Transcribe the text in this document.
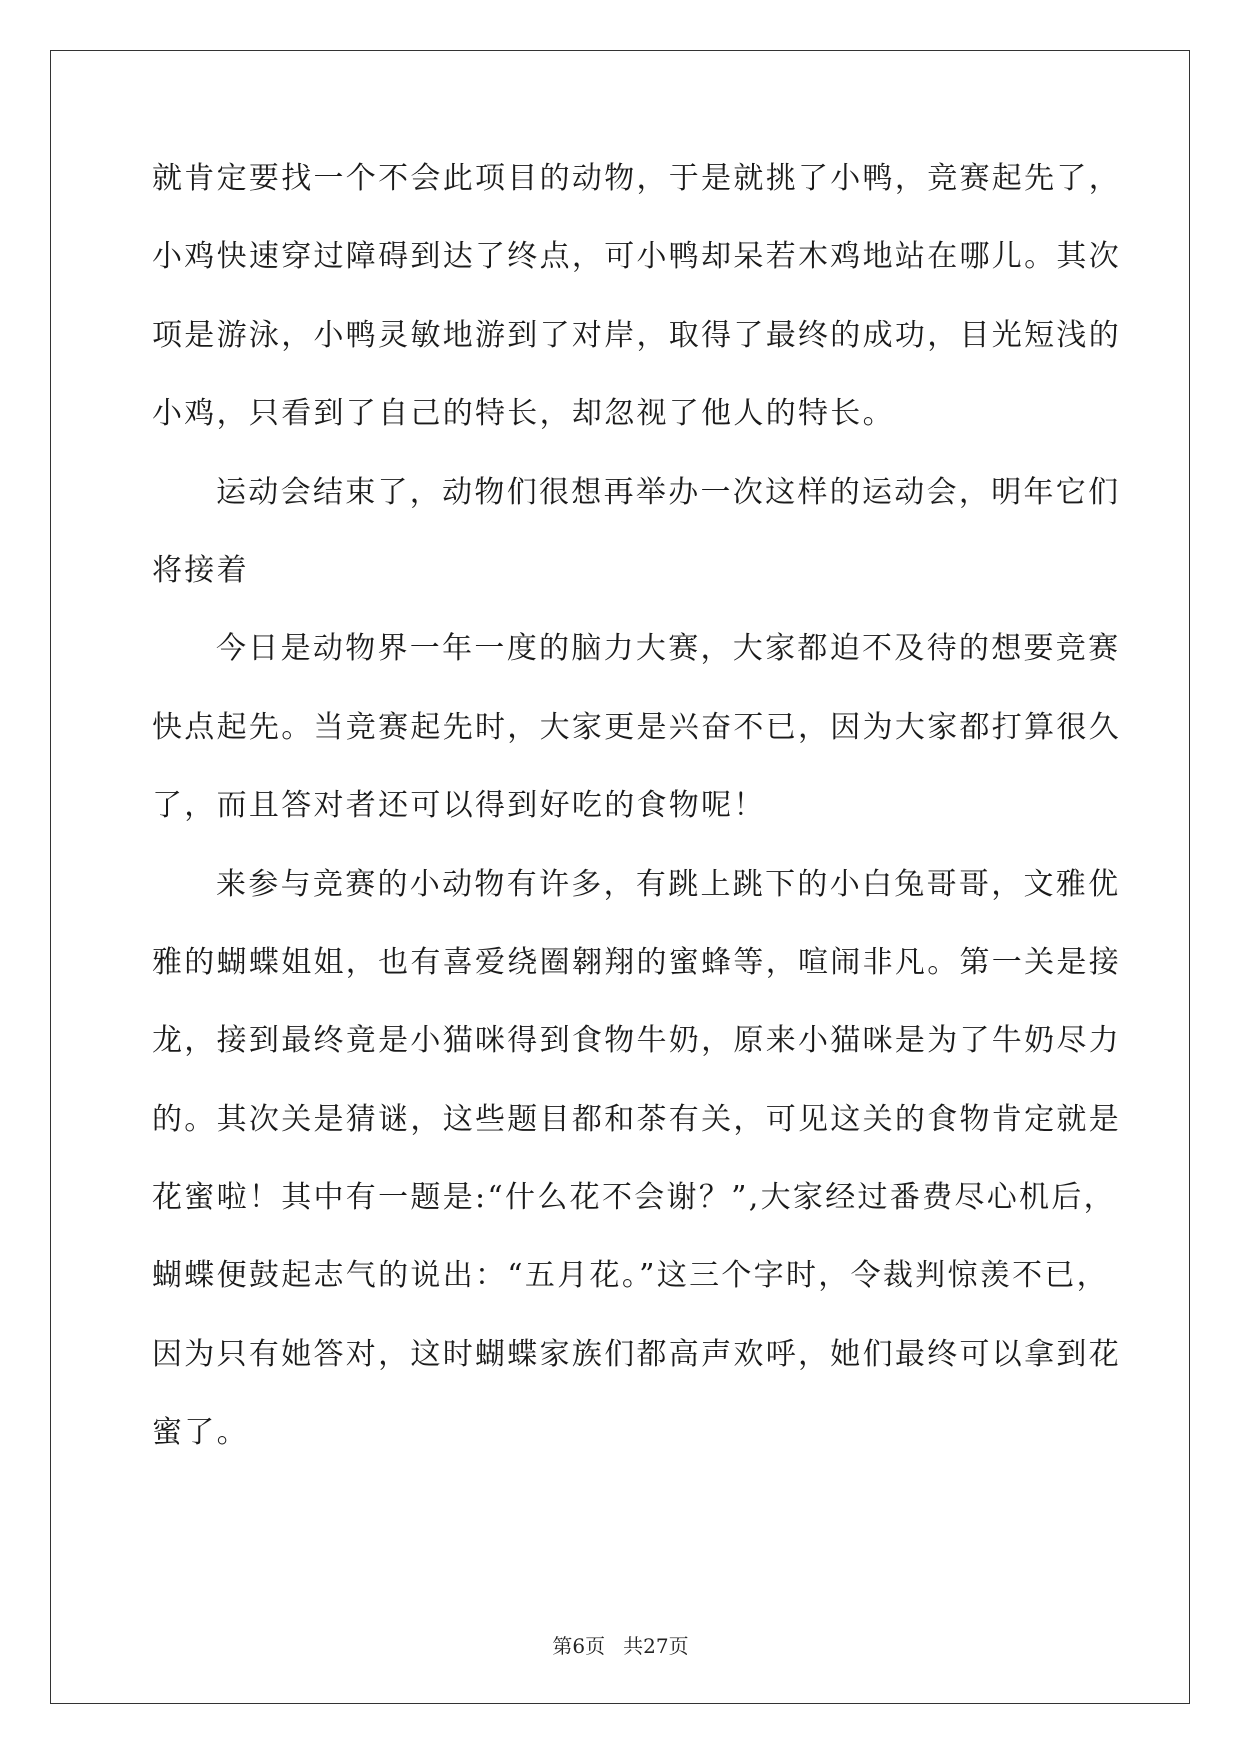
就肯定要找一个不会此项目的动物，于是就挑了小鸭，竞赛起先了，
小鸡快速穿过障碍到达了终点，可小鸭却呆若木鸡地站在哪儿。其次
项是游泳，小鸭灵敏地游到了对岸，取得了最终的成功，目光短浅的
小鸡，只看到了自己的特长，却忽视了他人的特长。
运动会结束了，动物们很想再举办一次这样的运动会，明年它们
将接着
今日是动物界一年一度的脑力大赛，大家都迫不及待的想要竞赛
快点起先。当竞赛起先时，大家更是兴奋不已，因为大家都打算很久
了，而且答对者还可以得到好吃的食物呢！
来参与竞赛的小动物有许多，有跳上跳下的小白兔哥哥，文雅优
雅的蝴蝶姐姐，也有喜爱绕圈翱翔的蜜蜂等，喧闹非凡。第一关是接
龙，接到最终竟是小猫咪得到食物牛奶，原来小猫咪是为了牛奶尽力
的。其次关是猜谜，这些题目都和茶有关，可见这关的食物肯定就是
花蜜啦！其中有一题是:“什么花不会谢？”,大家经过番费尽心机后，
蝴蝶便鼓起志气的说出：“五月花。”这三个字时，令裁判惊羡不已，
因为只有她答对，这时蝴蝶家族们都高声欢呼，她们最终可以拿到花
蜜了。
第6页 共27页
